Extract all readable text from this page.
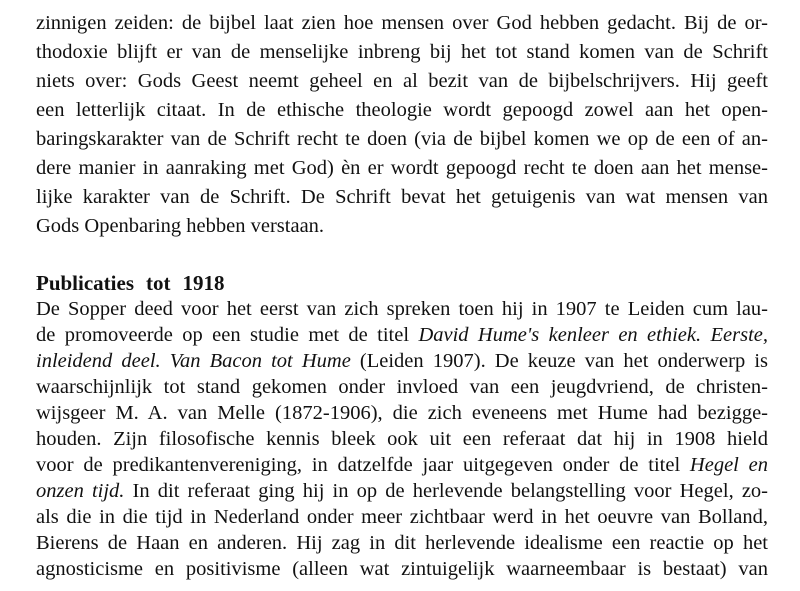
zinnigen zeiden: de bijbel laat zien hoe mensen over God hebben gedacht. Bij de or-
thodoxie blijft er van de menselijke inbreng bij het tot stand komen van de Schrift
niets over: Gods Geest neemt geheel en al bezit van de bijbelschrijvers. Hij geeft
een letterlijk citaat. In de ethische theologie wordt gepoogd zowel aan het open-
baringskarakter van de Schrift recht te doen (via de bijbel komen we op de een of an-
dere manier in aanraking met God) èn er wordt gepoogd recht te doen aan het mense-
lijke karakter van de Schrift. De Schrift bevat het getuigenis van wat mensen van
Gods Openbaring hebben verstaan.
Publicaties tot 1918
De Sopper deed voor het eerst van zich spreken toen hij in 1907 te Leiden cum lau-
de promoveerde op een studie met de titel David Hume's kenleer en ethiek. Eerste,
inleidend deel. Van Bacon tot Hume (Leiden 1907). De keuze van het onderwerp is
waarschijnlijk tot stand gekomen onder invloed van een jeugdvriend, de christen-
wijsgeer M. A. van Melle (1872-1906), die zich eveneens met Hume had bezigge-
houden. Zijn filosofische kennis bleek ook uit een referaat dat hij in 1908 hield
voor de predikantenvereniging, in datzelfde jaar uitgegeven onder de titel Hegel en
onzen tijd. In dit referaat ging hij in op de herlevende belangstelling voor Hegel, zo-
als die in die tijd in Nederland onder meer zichtbaar werd in het oeuvre van Bolland,
Bierens de Haan en anderen. Hij zag in dit herlevende idealisme een reactie op het
agnosticisme en positivisme (alleen wat zintuigelijk waarneembaar is bestaat) van
